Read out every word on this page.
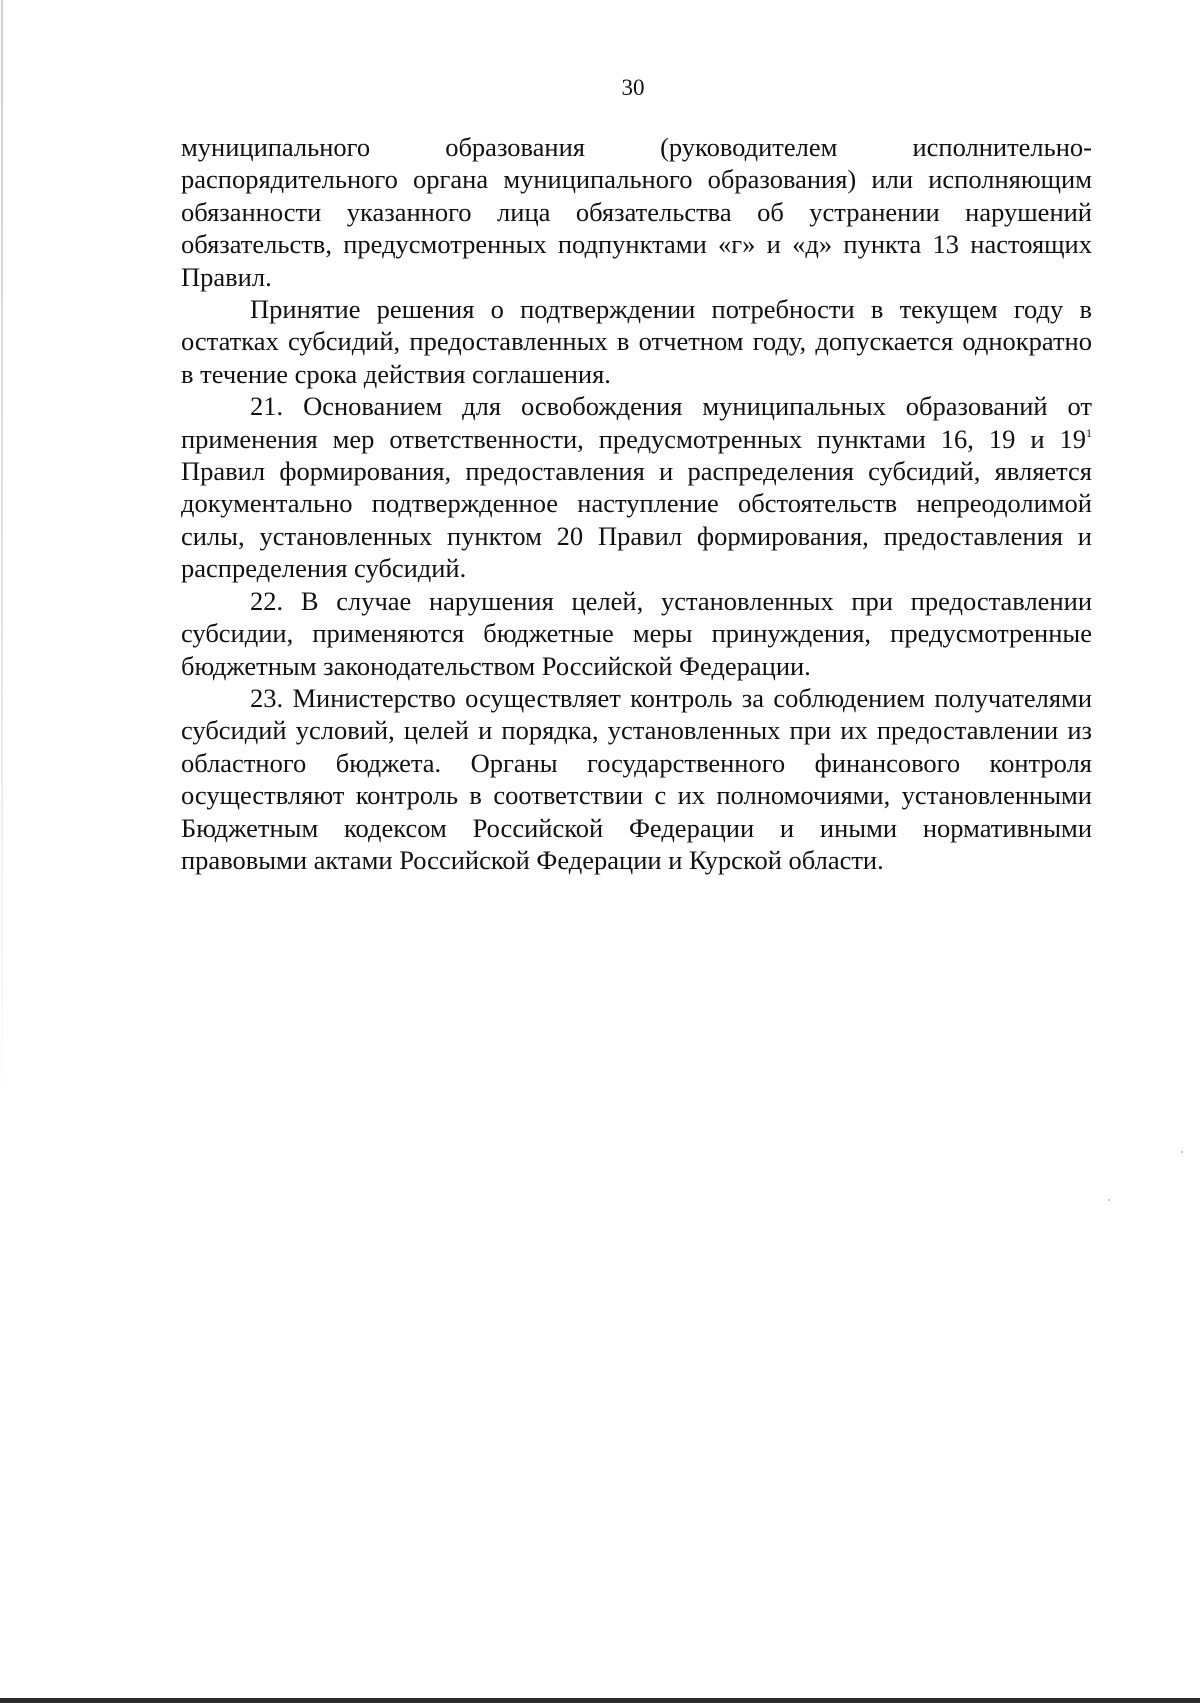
30

муниципального образования (руководителем исполнительно-распорядительного органа муниципального образования) или исполняющим обязанности указанного лица обязательства об устранении нарушений обязательств, предусмотренных подпунктами «г» и «д» пункта 13 настоящих Правил.

Принятие решения о подтверждении потребности в текущем году в остатках субсидий, предоставленных в отчетном году, допускается однократно в течение срока действия соглашения.

21. Основанием для освобождения муниципальных образований от применения мер ответственности, предусмотренных пунктами 16, 19 и $19^1$ Правил формирования, предоставления и распределения субсидий, является документально подтвержденное наступление обстоятельств непреодолимой силы, установленных пунктом 20 Правил формирования, предоставления и распределения субсидий.

22. В случае нарушения целей, установленных при предоставлении субсидии, применяются бюджетные меры принуждения, предусмотренные бюджетным законодательством Российской Федерации.

23. Министерство осуществляет контроль за соблюдением получателями субсидий условий, целей и порядка, установленных при их предоставлении из областного бюджета. Органы государственного финансового контроля осуществляют контроль в соответствии с их полномочиями, установленными Бюджетным кодексом Российской Федерации и иными нормативными правовыми актами Российской Федерации и Курской области.
